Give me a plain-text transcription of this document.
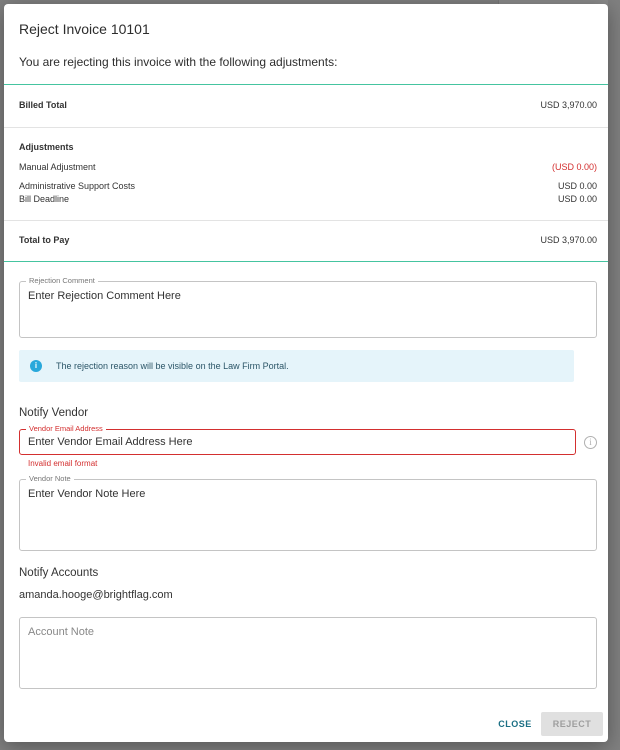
Reject Invoice 10101
You are rejecting this invoice with the following adjustments:
Billed Total	USD 3,970.00
Adjustments
Manual Adjustment	(USD 0.00)
Administrative Support Costs	USD 0.00
Bill Deadline	USD 0.00
Total to Pay	USD 3,970.00
Rejection Comment
Enter Rejection Comment Here
i	The rejection reason will be visible on the Law Firm Portal.
Notify Vendor
Vendor Email Address
Enter Vendor Email Address Here	i
Invalid email format
Vendor Note
Enter Vendor Note Here
Notify Accounts
amanda.hooge@brightflag.com
Account Note
CLOSE	REJECT
